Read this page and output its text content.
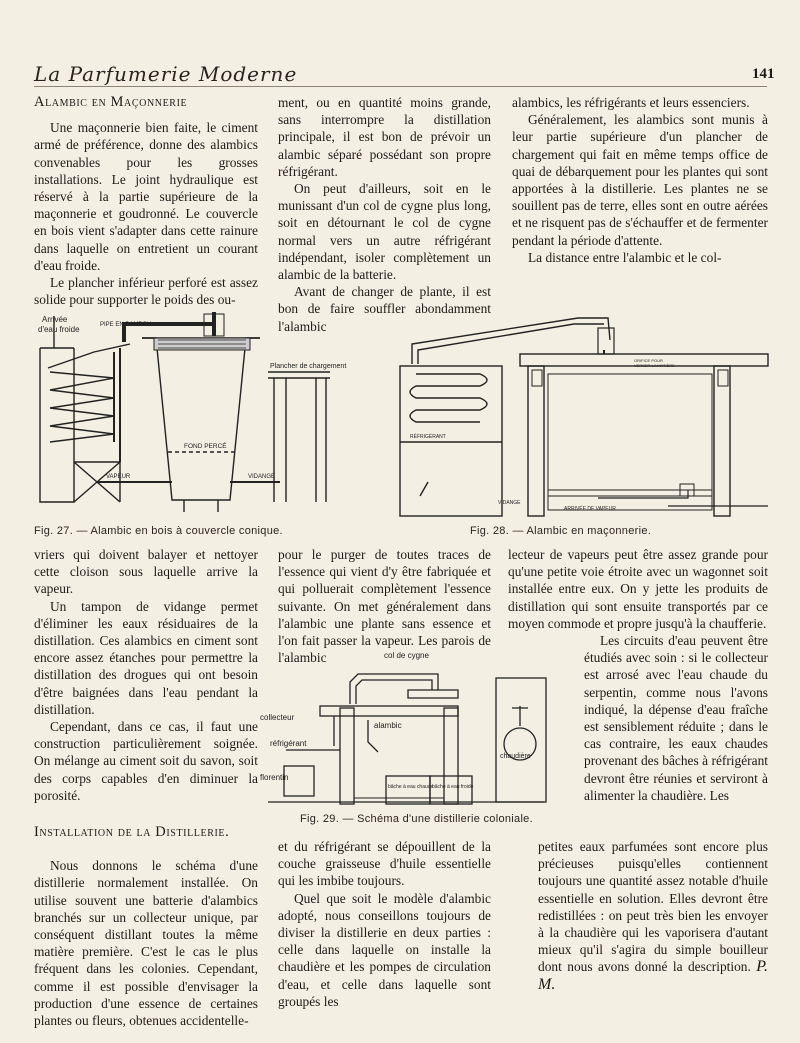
La Parfumerie Moderne	141
Alambic en Maçonnerie

Une maçonnerie bien faite, le ciment armé de préférence, donne des alambics convenables pour les grosses installations. Le joint hydraulique est réservé à la partie supérieure de la maçonnerie et goudronné. Le couvercle en bois vient s'adapter dans cette rainure dans laquelle on entretient un courant d'eau froide.

Le plancher inférieur perforé est assez solide pour supporter le poids des ou-

ment, ou en quantité moins grande, sans interrompre la distillation principale, il est bon de prévoir un alambic séparé possédant son propre réfrigérant.

On peut d'ailleurs, soit en le munissant d'un col de cygne plus long, soit en détournant le col de cygne normal vers un autre réfrigérant indépendant, isoler complètement un alambic de la batterie.

Avant de changer de plante, il est bon de faire souffler abondamment l'alambic

alambics, les réfrigérants et leurs essenciers.

Généralement, les alambics sont munis à leur partie supérieure d'un plancher de chargement qui fait en même temps office de quai de débarquement pour les plantes qui sont apportées à la distillerie. Les plantes ne se souillent pas de terre, elles sont en outre aérées et ne risquent pas de s'échauffer et de fermenter pendant la période d'attente.

La distance entre l'alambic et le col-

PIPE EN BAMBOU
Arrivée
d'eau froide
Plancher de chargement
FOND PERCÉ
VAPEUR	VIDANGE
RÉFRIGÉRANT
VIDANGE
ARRIVÉE DE VAPEUR
ORIFICE POUR
VERSER LA MATIÈRE
Fig. 27. — Alambic en bois à couvercle conique.	Fig. 28. — Alambic en maçonnerie.

vriers qui doivent balayer et nettoyer cette cloison sous laquelle arrive la vapeur.

Un tampon de vidange permet d'éliminer les eaux résiduaires de la distillation. Ces alambics en ciment sont encore assez étanches pour permettre la distillation des drogues qui ont besoin d'être baignées dans l'eau pendant la distillation.

Cependant, dans ce cas, il faut une construction particulièrement soignée. On mélange au ciment soit du savon, soit des corps capables d'en diminuer la porosité.

Installation de la Distillerie.

Nous donnons le schéma d'une distillerie normalement installée. On utilise souvent une batterie d'alambics branchés sur un collecteur unique, par conséquent distillant toutes la même matière première. C'est le cas le plus fréquent dans les colonies. Cependant, comme il est possible d'envisager la production d'une essence de certaines plantes ou fleurs, obtenues accidentelle-

pour le purger de toutes traces de l'essence qui vient d'y être fabriquée et qui polluerait complètement l'essence suivante. On met généralement dans l'alambic une plante sans essence et l'on fait passer la vapeur. Les parois de l'alambic	col de cygne
collecteur
alambic
réfrigérant
florentin
bâche à eau chaude
bâche à eau froide
chaudière
Fig. 29. — Schéma d'une distillerie coloniale.

et du réfrigérant se dépouillent de la couche graisseuse d'huile essentielle qui les imbibe toujours.

Quel que soit le modèle d'alambic adopté, nous conseillons toujours de diviser la distillerie en deux parties : celle dans laquelle on installe la chaudière et les pompes de circulation d'eau, et celle dans laquelle sont groupés les

lecteur de vapeurs peut être assez grande pour qu'une petite voie étroite avec un wagonnet soit installée entre eux. On y jette les produits de distillation qui sont ensuite transportés par ce moyen commode et propre jusqu'à la chaufferie.

Les circuits d'eau peuvent être étudiés avec soin : si le collecteur est arrosé avec l'eau chaude du serpentin, comme nous l'avons indiqué, la dépense d'eau fraîche est sensiblement réduite ; dans le cas contraire, les eaux chaudes provenant des bâches à réfrigérant devront être réunies et serviront à alimenter la chaudière. Les

petites eaux parfumées sont encore plus précieuses puisqu'elles contiennent toujours une quantité assez notable d'huile essentielle en solution. Elles devront être redistillées : on peut très bien les envoyer à la chaudière qui les vaporisera d'autant mieux qu'il s'agira du simple bouilleur dont nous avons donné la description. P. M.
